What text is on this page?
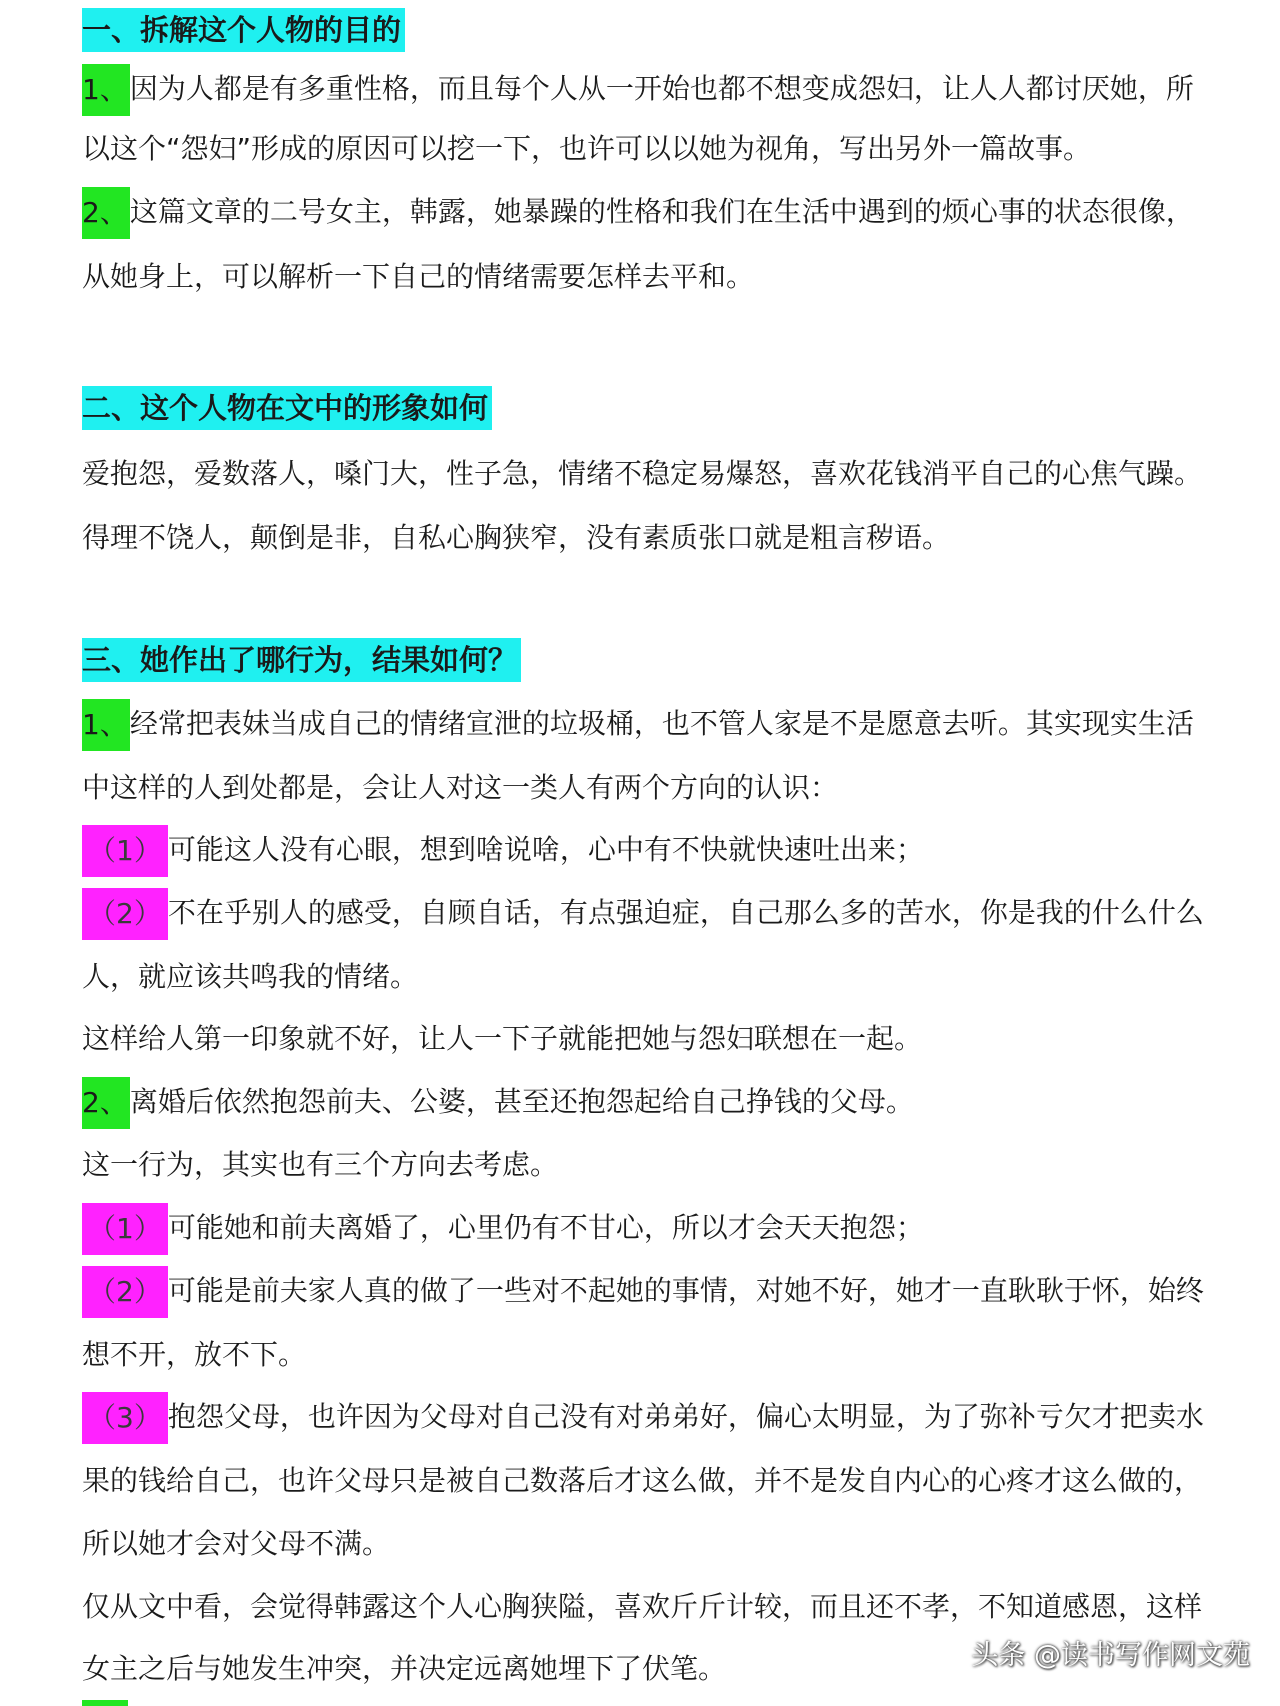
一、拆解这个人物的目的

1、因为人都是有多重性格，而且每个人从一开始也都不想变成怨妇，让人人都讨厌她，所

以这个“怨妇”形成的原因可以挖一下，也许可以以她为视角，写出另外一篇故事。

2、这篇文章的二号女主，韩露，她暴躁的性格和我们在生活中遇到的烦心事的状态很像，

从她身上，可以解析一下自己的情绪需要怎样去平和。

二、这个人物在文中的形象如何

爱抱怨，爱数落人，嗓门大，性子急，情绪不稳定易爆怒，喜欢花钱消平自己的心焦气躁。

得理不饶人，颠倒是非，自私心胸狭窄，没有素质张口就是粗言秽语。

三、她作出了哪行为，结果如何？

1、经常把表妹当成自己的情绪宣泄的垃圾桶，也不管人家是不是愿意去听。其实现实生活

中这样的人到处都是，会让人对这一类人有两个方向的认识：

（1） 可能这人没有心眼，想到啥说啥，心中有不快就快速吐出来；

（2） 不在乎别人的感受，自顾自话，有点强迫症，自己那么多的苦水，你是我的什么什么

人，就应该共鸣我的情绪。

这样给人第一印象就不好，让人一下子就能把她与怨妇联想在一起。

2、离婚后依然抱怨前夫、公婆，甚至还抱怨起给自己挣钱的父母。

这一行为，其实也有三个方向去考虑。

（1） 可能她和前夫离婚了，心里仍有不甘心，所以才会天天抱怨；

（2） 可能是前夫家人真的做了一些对不起她的事情，对她不好，她才一直耿耿于怀，始终

想不开，放不下。

（3） 抱怨父母，也许因为父母对自己没有对弟弟好，偏心太明显，为了弥补亏欠才把卖水

果的钱给自己，也许父母只是被自己数落后才这么做，并不是发自内心的心疼才这么做的，

所以她才会对父母不满。

仅从文中看，会觉得韩露这个人心胸狭隘，喜欢斤斤计较，而且还不孝，不知道感恩，这样

女主之后与她发生冲突，并决定远离她埋下了伏笔。	头条 @读书写作网文苑
